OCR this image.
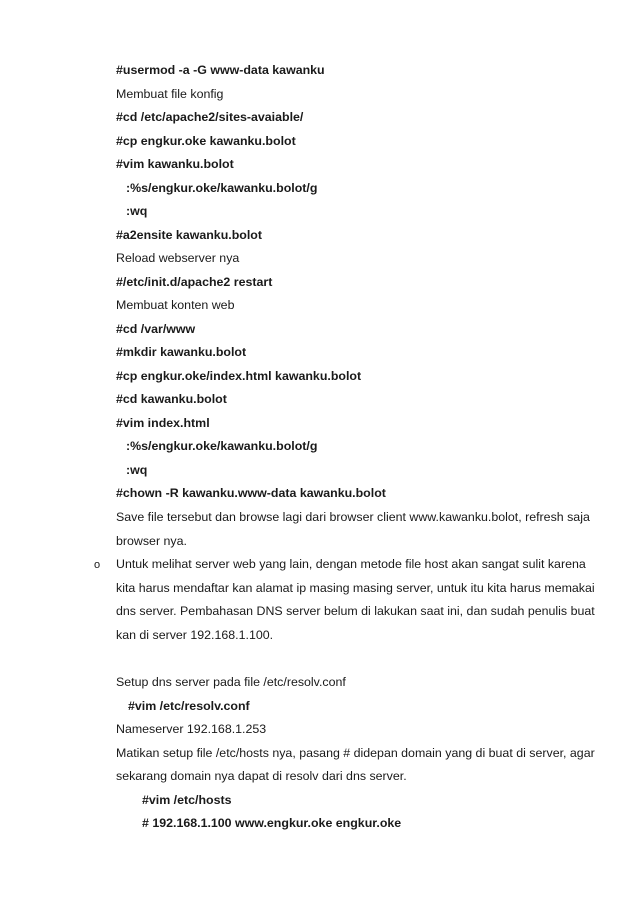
#usermod -a -G www-data kawanku
Membuat file konfig
#cd /etc/apache2/sites-avaiable/
#cp engkur.oke kawanku.bolot
#vim kawanku.bolot
:%s/engkur.oke/kawanku.bolot/g
:wq
#a2ensite kawanku.bolot
Reload webserver nya
#/etc/init.d/apache2 restart
Membuat konten web
#cd /var/www
#mkdir kawanku.bolot
#cp engkur.oke/index.html kawanku.bolot
#cd kawanku.bolot
#vim index.html
:%s/engkur.oke/kawanku.bolot/g
:wq
#chown -R kawanku.www-data kawanku.bolot
Save file tersebut dan browse lagi dari browser client www.kawanku.bolot, refresh saja
browser nya.
o Untuk melihat server web yang lain, dengan metode file host akan sangat sulit karena
kita harus mendaftar kan alamat ip masing masing server, untuk itu kita harus memakai
dns server. Pembahasan DNS server belum di lakukan saat ini, dan sudah penulis buat
kan di server 192.168.1.100.
Setup dns server pada file /etc/resolv.conf
#vim /etc/resolv.conf
Nameserver 192.168.1.253
Matikan setup file /etc/hosts nya, pasang # didepan domain yang di buat di server, agar
sekarang domain nya dapat di resolv dari dns server.
#vim /etc/hosts
# 192.168.1.100 www.engkur.oke engkur.oke
